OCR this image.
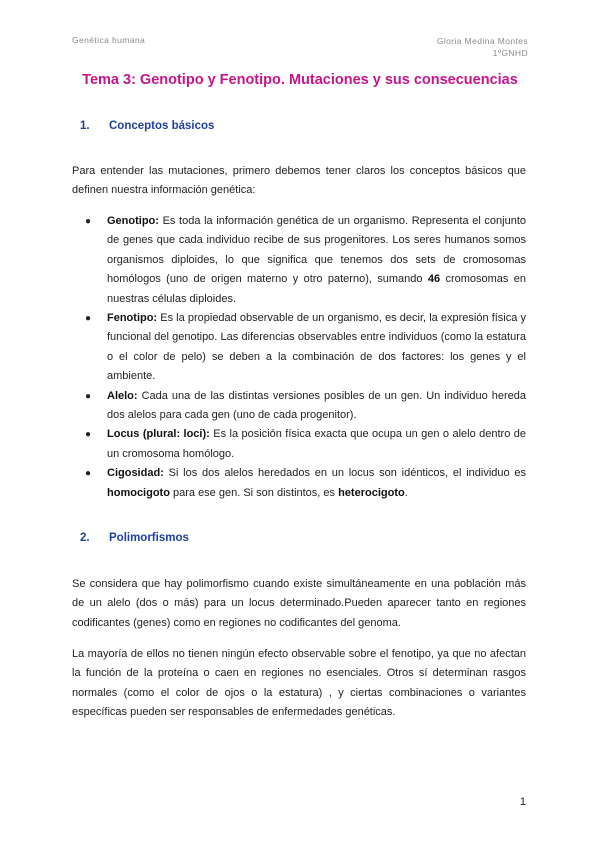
Genética humana	Gloria Medina Montes
1ºGNHD
Tema 3: Genotipo y Fenotipo. Mutaciones y sus consecuencias
1. Conceptos básicos

Para entender las mutaciones, primero debemos tener claros los conceptos básicos que definen nuestra información genética:

● Genotipo: Es toda la información genética de un organismo. Representa el conjunto de genes que cada individuo recibe de sus progenitores. Los seres humanos somos organismos diploides, lo que significa que tenemos dos sets de cromosomas homólogos (uno de origen materno y otro paterno), sumando 46 cromosomas en nuestras células diploides.
● Fenotipo: Es la propiedad observable de un organismo, es decir, la expresión física y funcional del genotipo. Las diferencias observables entre individuos (como la estatura o el color de pelo) se deben a la combinación de dos factores: los genes y el ambiente.
● Alelo: Cada una de las distintas versiones posibles de un gen. Un individuo hereda dos alelos para cada gen (uno de cada progenitor).
● Locus (plural: loci): Es la posición física exacta que ocupa un gen o alelo dentro de un cromosoma homólogo.
● Cigosidad: Si los dos alelos heredados en un locus son idénticos, el individuo es homocigoto para ese gen. Si son distintos, es heterocigoto.
2. Polimorfismos

Se considera que hay polimorfismo cuando existe simultáneamente en una población más de un alelo (dos o más) para un locus determinado.Pueden aparecer tanto en regiones codificantes (genes) como en regiones no codificantes del genoma.

La mayoría de ellos no tienen ningún efecto observable sobre el fenotipo, ya que no afectan la función de la proteína o caen en regiones no esenciales. Otros sí determinan rasgos normales (como el color de ojos o la estatura) , y ciertas combinaciones o variantes específicas pueden ser responsables de enfermedades genéticas.

1
